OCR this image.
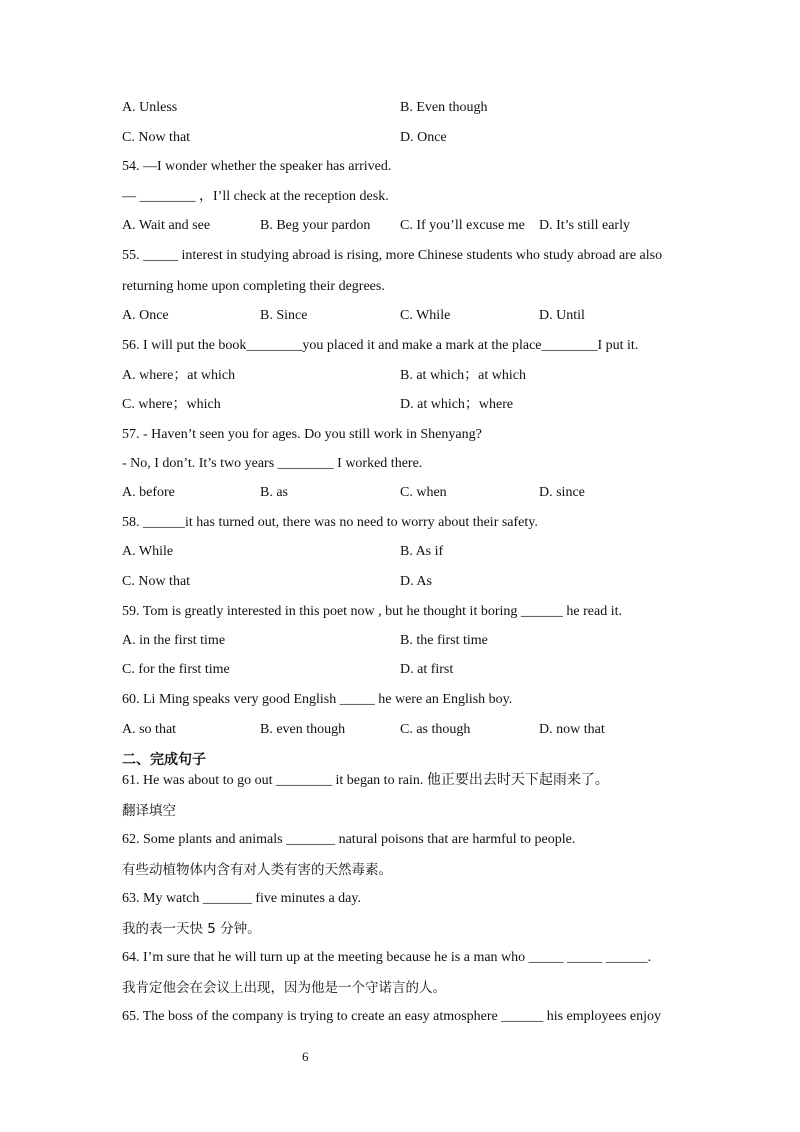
A. Unless	B. Even though
C. Now that	D. Once
54. —I wonder whether the speaker has arrived.
— ________ ，I’ll check at the reception desk.
A. Wait and see	B. Beg your pardon C. If you’ll excuse me D. It’s still early
55. _____ interest in studying abroad is rising, more Chinese students who study abroad are also
returning home upon completing their degrees.
A. Once	B. Since	C. While	D. Until
56. I will put the book________you placed it and make a mark at the place________I put it.
A. where；at which	B. at which；at which
C. where；which	D. at which；where
57. - Haven’t seen you for ages. Do you still work in Shenyang?
- No, I don’t. It’s two years ________ I worked there.
A. before	B. as	C. when	D. since
58. ______it has turned out, there was no need to worry about their safety.
A. While	B. As if
C. Now that	D. As
59. Tom is greatly interested in this poet now , but he thought it boring ______ he read it.
A. in the first time	B. the first time
C. for the first time	D. at first
60. Li Ming speaks very good English _____ he were an English boy.
A. so that	B. even though	C. as though	D. now that
二、完成句子
61. He was about to go out ________ it began to rain. 他正要出去时天下起雨来了。
翻译填空
62. Some plants and animals _______ natural poisons that are harmful to people.
有些动植物体内含有对人类有害的天然毒素。
63. My watch _______ five minutes a day.
我的表一天快 5 分钟。
64. I’m sure that he will turn up at the meeting because he is a man who _____ _____ ______.
我肯定他会在会议上出现，因为他是一个守诺言的人。
65. The boss of the company is trying to create an easy atmosphere ______ his employees enjoy
6
